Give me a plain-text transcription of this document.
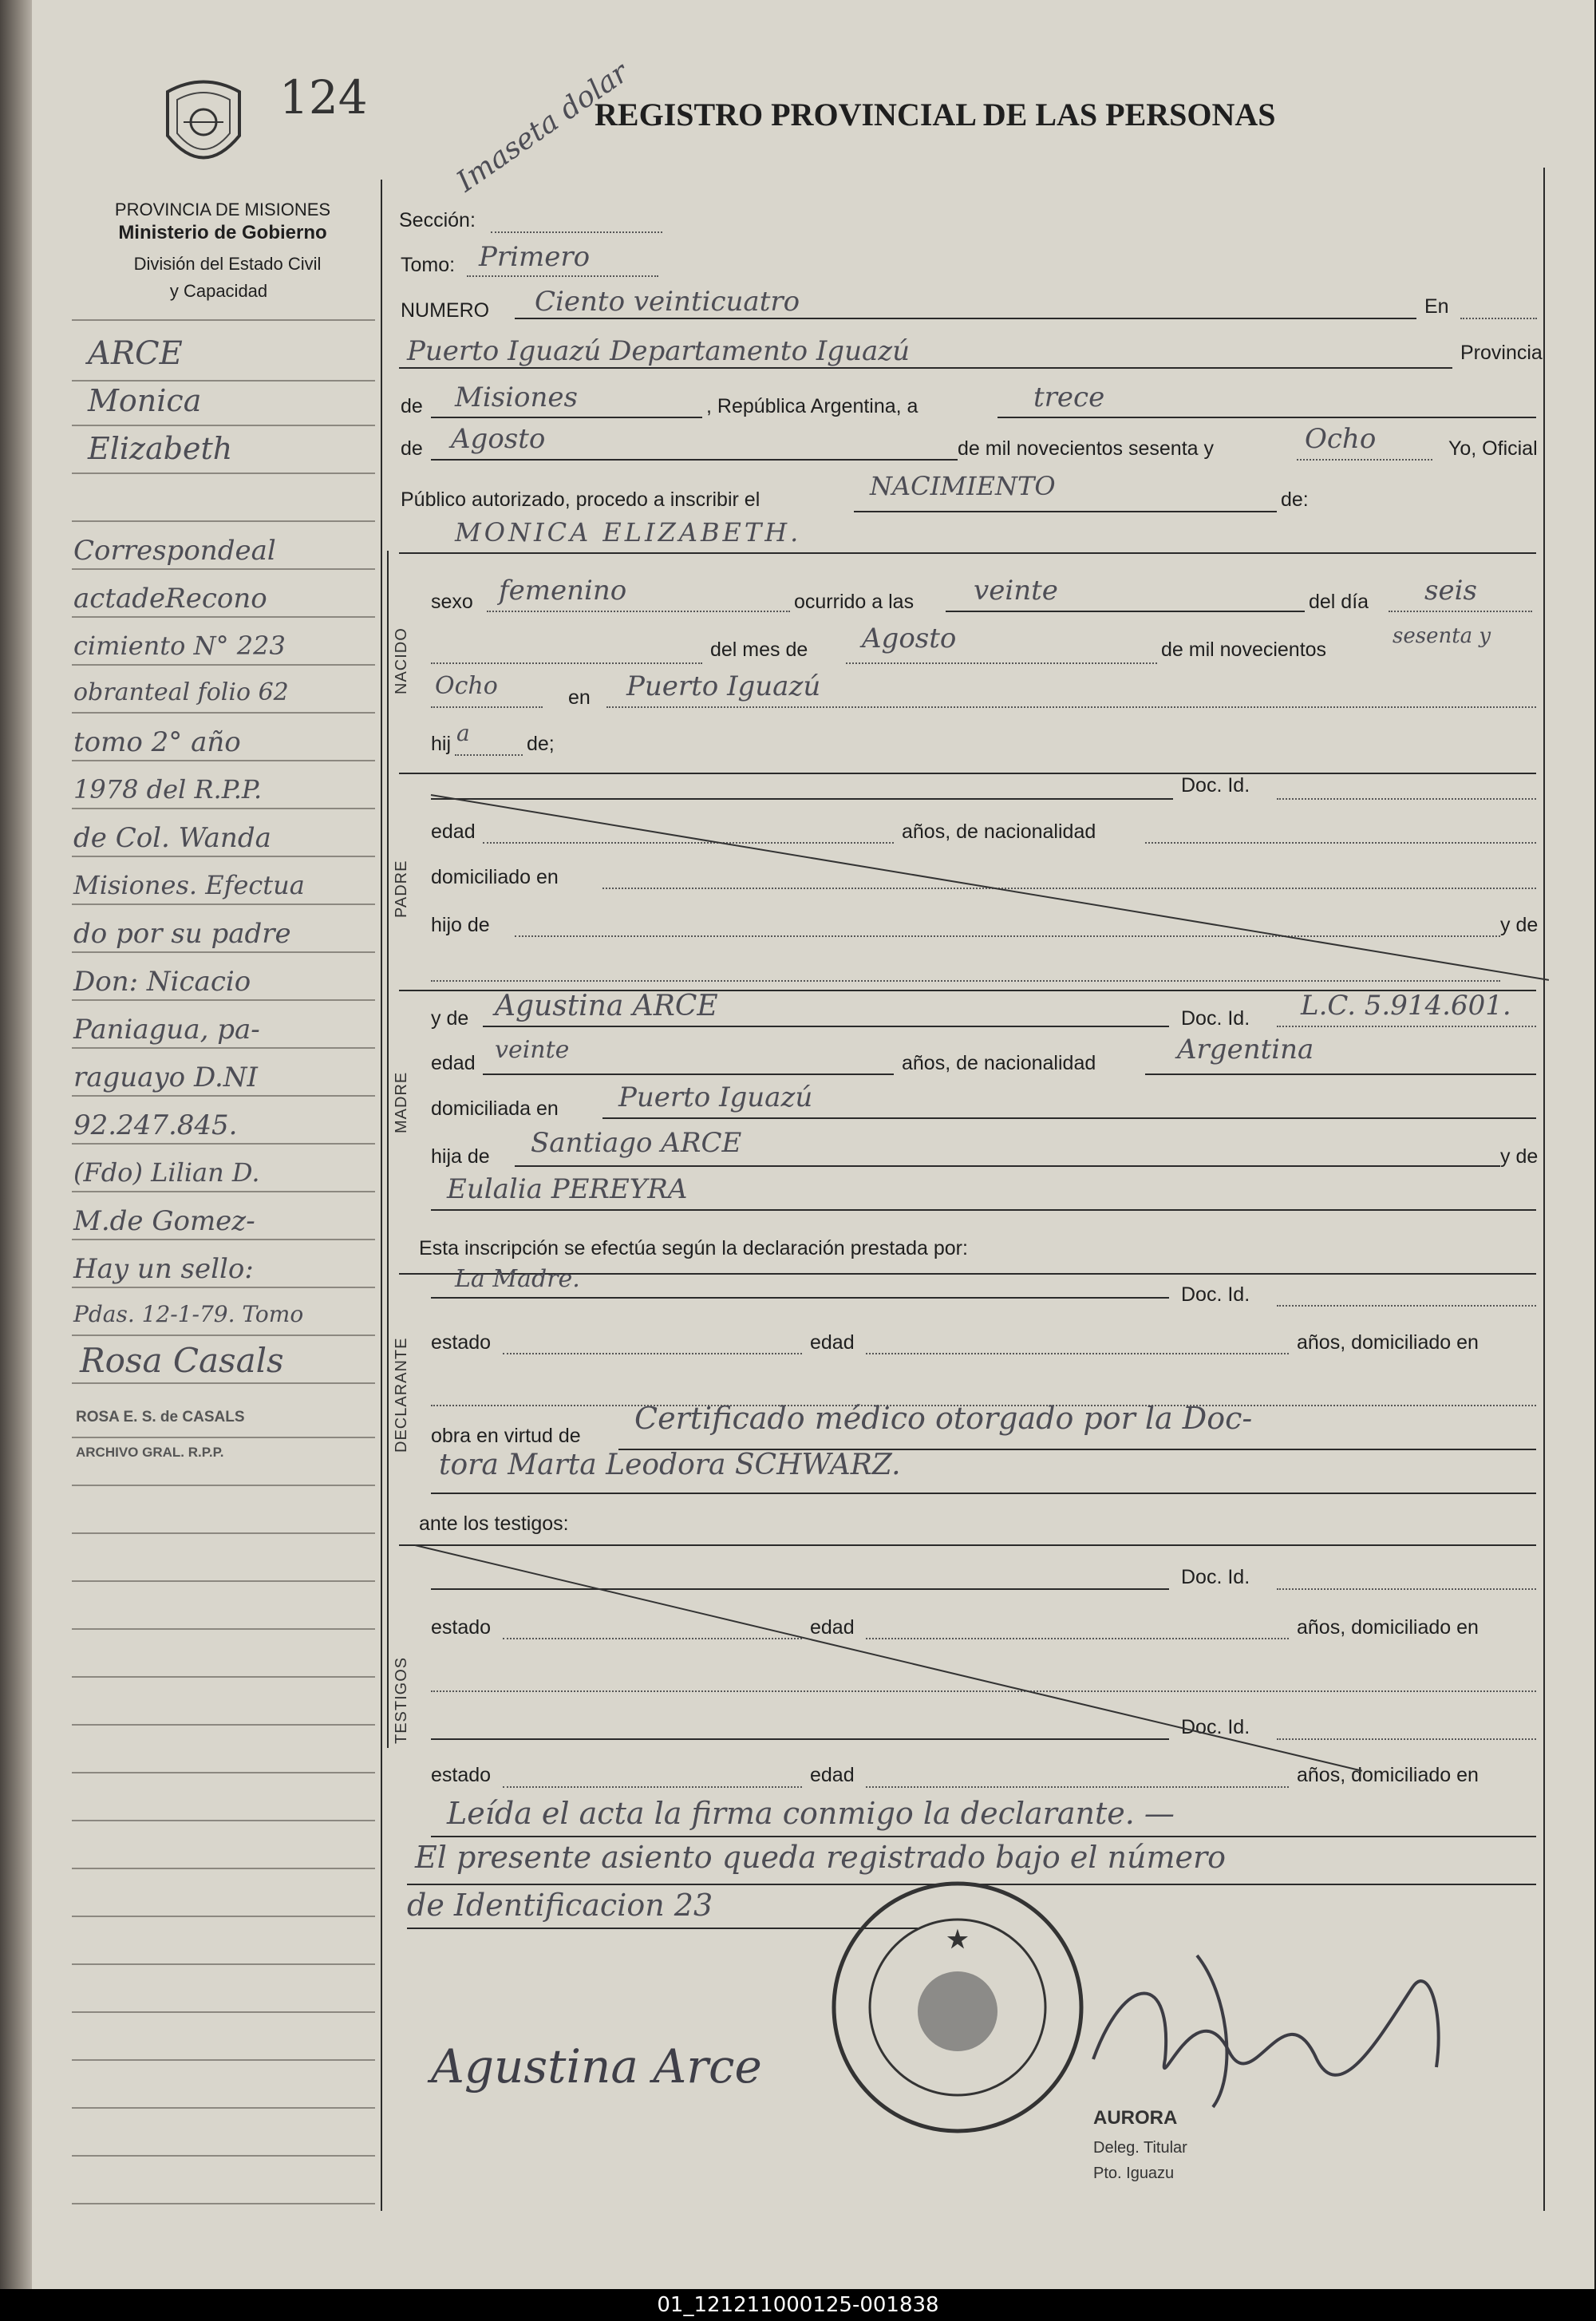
124	REGISTRO PROVINCIAL DE LAS PERSONAS
PROVINCIA DE MISIONES
Ministerio de Gobierno
División del Estado Civil
y Capacidad
ARCE
Monica
Elizabeth
Correspondeal
actadeRecono
cimiento N° 223
obranteal folio 62
tomo 2° año
1978 del R.P.P.
de Col. Wanda
Misiones. Efectua
do por su padre
Don: Nicacio
Paniagua, pa-
raguayo D.NI
92.247.845.
(Fdo) Lilian D.
M.de Gomez-
Hay un sello:
Pdas. 12-1-79. Tomo
Rosa Casals
ROSA E. S. de CASALS
ARCHIVO GRAL. R.P.P.
Sección:
Imaseta dolar
Tomo: Primero
NUMERO Ciento veinticuatro	En
Puerto Iguazú Departamento Iguazú	Provincia
de Misiones	, República Argentina, a	trece
de Agosto	de mil novecientos sesenta y	Ocho	Yo, Oficial
Público autorizado, procedo a inscribir el	NACIMIENTO	de:
MONICA ELIZABETH.
NACIDO
sexo femenino	ocurrido a las veinte	del día seis
del mes de Agosto	de mil novecientos
sesenta y
Ocho	en Puerto Iguazú
hij a	de;
PADRE
Doc. Id.
edad	años, de nacionalidad
domiciliado en
hijo de	y de
MADRE
y de Agustina ARCE	Doc. Id. L.C. 5.914.601.
edad veinte	años, de nacionalidad	Argentina
domiciliada en Puerto Iguazú
hija de Santiago ARCE	y de
Eulalia PEREYRA
Esta inscripción se efectúa según la declaración prestada por:
DECLARANTE
La Madre.
Doc. Id.
estado	edad	años, domiciliado en
obra en virtud de Certificado médico otorgado por la Doc-
tora Marta Leodora SCHWARZ.
ante los testigos:
TESTIGOS
Doc. Id.
estado	edad	años, domiciliado en
Doc. Id.
estado	edad	años, domiciliado en
Leída el acta la firma conmigo la declarante. —
El presente asiento queda registrado bajo el número
de Identificacion 23
★
Agustina Arce
AURORA
Deleg. Titular
Pto. Iguazu
01_121211000125-001838
